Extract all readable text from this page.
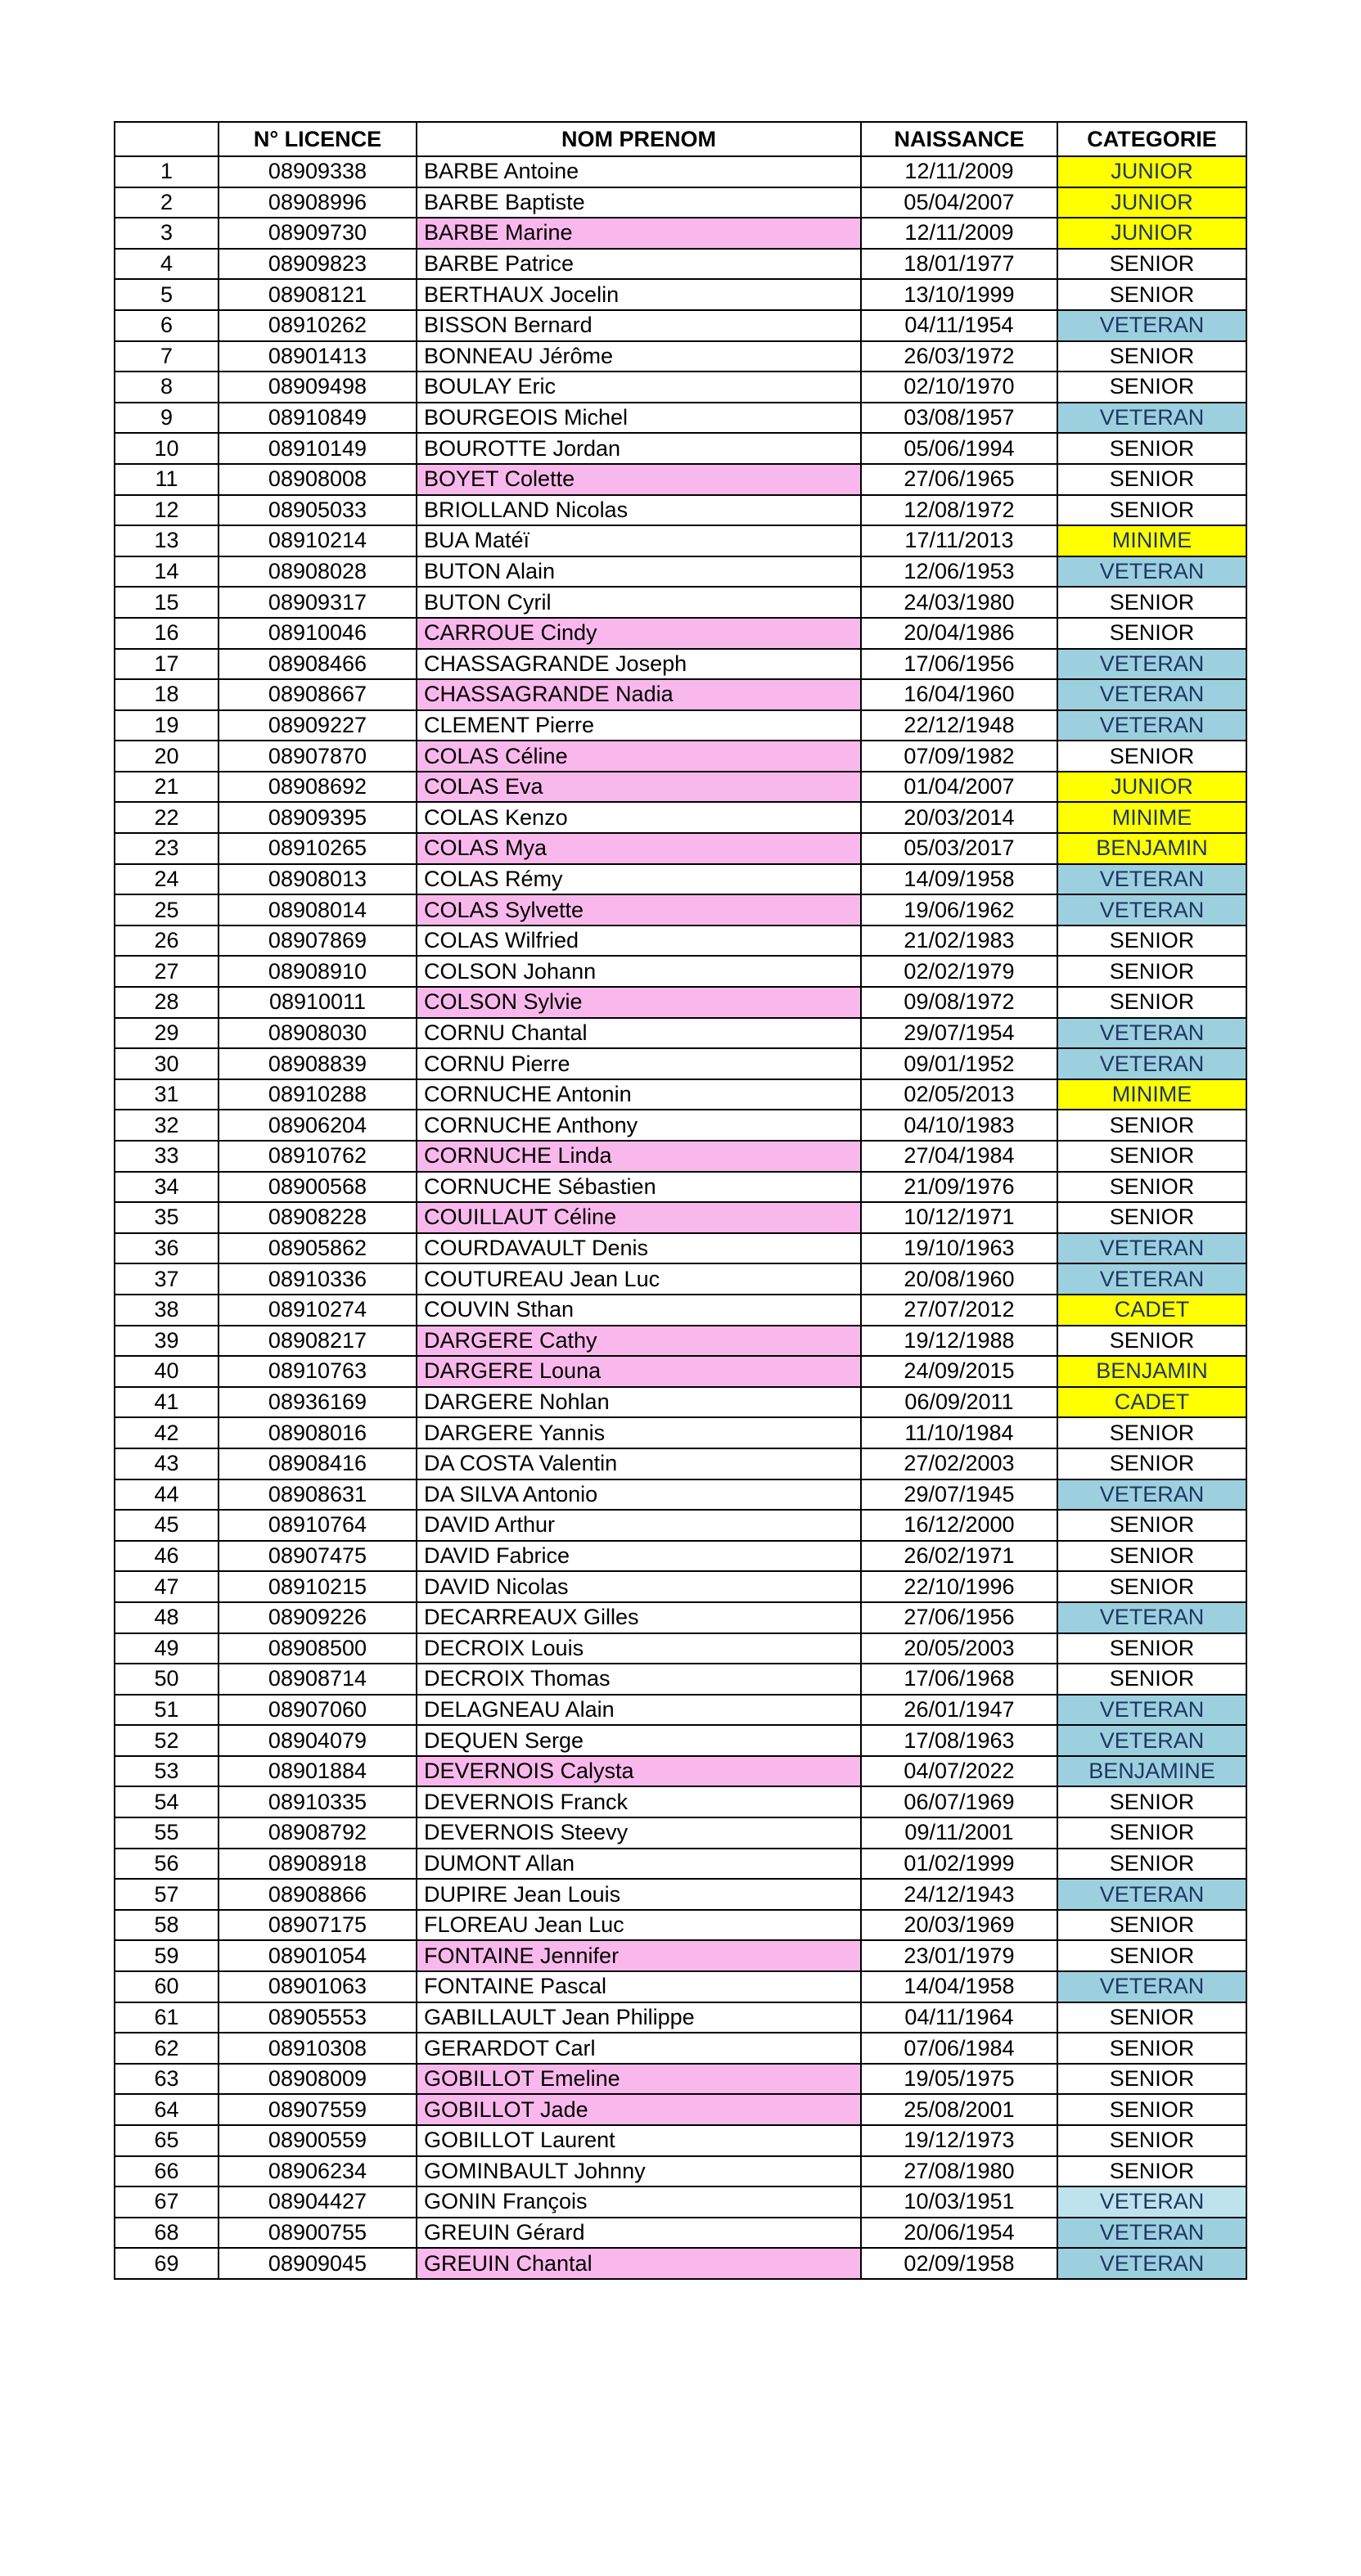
	N° LICENCE	NOM PRENOM	NAISSANCE	CATEGORIE
1	08909338	BARBE Antoine	12/11/2009	JUNIOR
2	08908996	BARBE Baptiste	05/04/2007	JUNIOR
3	08909730	BARBE Marine	12/11/2009	JUNIOR
4	08909823	BARBE Patrice	18/01/1977	SENIOR
5	08908121	BERTHAUX Jocelin	13/10/1999	SENIOR
6	08910262	BISSON Bernard	04/11/1954	VETERAN
7	08901413	BONNEAU Jérôme	26/03/1972	SENIOR
8	08909498	BOULAY Eric	02/10/1970	SENIOR
9	08910849	BOURGEOIS Michel	03/08/1957	VETERAN
10	08910149	BOUROTTE Jordan	05/06/1994	SENIOR
11	08908008	BOYET Colette	27/06/1965	SENIOR
12	08905033	BRIOLLAND Nicolas	12/08/1972	SENIOR
13	08910214	BUA Matéï	17/11/2013	MINIME
14	08908028	BUTON Alain	12/06/1953	VETERAN
15	08909317	BUTON Cyril	24/03/1980	SENIOR
16	08910046	CARROUE Cindy	20/04/1986	SENIOR
17	08908466	CHASSAGRANDE Joseph	17/06/1956	VETERAN
18	08908667	CHASSAGRANDE Nadia	16/04/1960	VETERAN
19	08909227	CLEMENT Pierre	22/12/1948	VETERAN
20	08907870	COLAS Céline	07/09/1982	SENIOR
21	08908692	COLAS Eva	01/04/2007	JUNIOR
22	08909395	COLAS Kenzo	20/03/2014	MINIME
23	08910265	COLAS Mya	05/03/2017	BENJAMIN
24	08908013	COLAS Rémy	14/09/1958	VETERAN
25	08908014	COLAS Sylvette	19/06/1962	VETERAN
26	08907869	COLAS Wilfried	21/02/1983	SENIOR
27	08908910	COLSON Johann	02/02/1979	SENIOR
28	08910011	COLSON Sylvie	09/08/1972	SENIOR
29	08908030	CORNU Chantal	29/07/1954	VETERAN
30	08908839	CORNU Pierre	09/01/1952	VETERAN
31	08910288	CORNUCHE Antonin	02/05/2013	MINIME
32	08906204	CORNUCHE Anthony	04/10/1983	SENIOR
33	08910762	CORNUCHE Linda	27/04/1984	SENIOR
34	08900568	CORNUCHE Sébastien	21/09/1976	SENIOR
35	08908228	COUILLAUT Céline	10/12/1971	SENIOR
36	08905862	COURDAVAULT Denis	19/10/1963	VETERAN
37	08910336	COUTUREAU Jean Luc	20/08/1960	VETERAN
38	08910274	COUVIN Sthan	27/07/2012	CADET
39	08908217	DARGERE Cathy	19/12/1988	SENIOR
40	08910763	DARGERE Louna	24/09/2015	BENJAMIN
41	08936169	DARGERE Nohlan	06/09/2011	CADET
42	08908016	DARGERE Yannis	11/10/1984	SENIOR
43	08908416	DA COSTA Valentin	27/02/2003	SENIOR
44	08908631	DA SILVA Antonio	29/07/1945	VETERAN
45	08910764	DAVID Arthur	16/12/2000	SENIOR
46	08907475	DAVID Fabrice	26/02/1971	SENIOR
47	08910215	DAVID Nicolas	22/10/1996	SENIOR
48	08909226	DECARREAUX Gilles	27/06/1956	VETERAN
49	08908500	DECROIX Louis	20/05/2003	SENIOR
50	08908714	DECROIX Thomas	17/06/1968	SENIOR
51	08907060	DELAGNEAU Alain	26/01/1947	VETERAN
52	08904079	DEQUEN Serge	17/08/1963	VETERAN
53	08901884	DEVERNOIS Calysta	04/07/2022	BENJAMINE
54	08910335	DEVERNOIS Franck	06/07/1969	SENIOR
55	08908792	DEVERNOIS Steevy	09/11/2001	SENIOR
56	08908918	DUMONT Allan	01/02/1999	SENIOR
57	08908866	DUPIRE Jean Louis	24/12/1943	VETERAN
58	08907175	FLOREAU Jean Luc	20/03/1969	SENIOR
59	08901054	FONTAINE Jennifer	23/01/1979	SENIOR
60	08901063	FONTAINE Pascal	14/04/1958	VETERAN
61	08905553	GABILLAULT Jean Philippe	04/11/1964	SENIOR
62	08910308	GERARDOT Carl	07/06/1984	SENIOR
63	08908009	GOBILLOT Emeline	19/05/1975	SENIOR
64	08907559	GOBILLOT Jade	25/08/2001	SENIOR
65	08900559	GOBILLOT Laurent	19/12/1973	SENIOR
66	08906234	GOMINBAULT Johnny	27/08/1980	SENIOR
67	08904427	GONIN François	10/03/1951	VETERAN
68	08900755	GREUIN Gérard	20/06/1954	VETERAN
69	08909045	GREUIN Chantal	02/09/1958	VETERAN
